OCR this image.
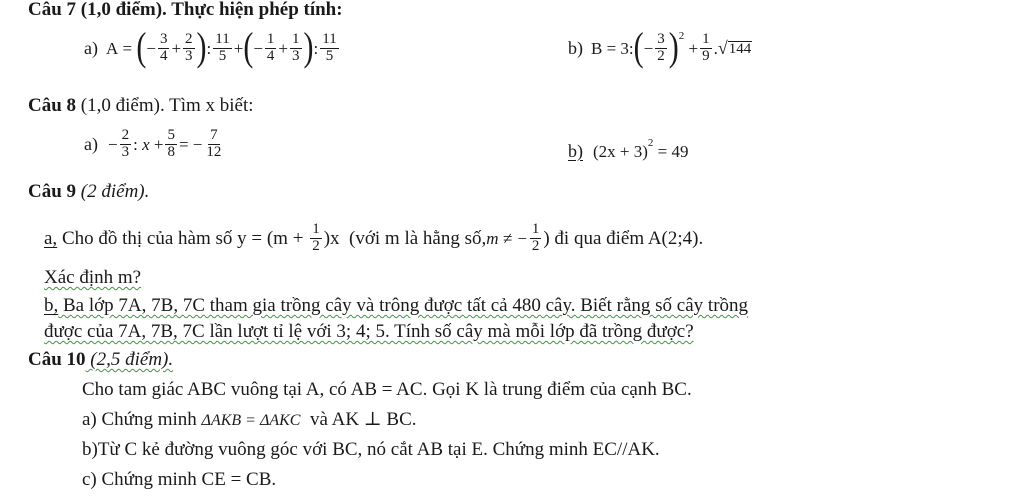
Câu 7 (1,0 điểm). Thực hiện phép tính:
a) A = ( − $\frac{3}{4} + \frac{2}{3}$ ) : $\frac{11}{5}$ + ( − $\frac{1}{4} + \frac{1}{3}$ ) : $\frac{11}{5}$	b) B = 3: ( − $\frac{3}{2} )^2$
+ $\frac{1}{9}$ . √ 144
Câu 8 (1,0 điểm). Tìm x biết:
$a) - \frac{2}{3}$ : $x + \frac{5}{8}$ = − $\frac{7}{12}$	b) $(2x + 3)^2$
= 49
Câu 9 (2 điểm).
a, Cho đồ thị của hàm số $y = (m + \frac{1}{2} )x$  (với m là hằng số, m ≠ − $\frac{1}{2}$ ) đi qua điểm A(2;4).
Xác định m?
b, Ba lớp 7A, 7B, 7C tham gia trồng cây và trông được tất cả 480 cây. Biết rằng số cây trồng
được của 7A, 7B, 7C lần lượt tỉ lệ với 3; 4; 5. Tính số cây mà mỗi lớp đã trồng được?
Câu 10 (2,5 điểm).
Cho tam giác ABC vuông tại A, có AB = AC. Gọi K là trung điểm của cạnh BC.
a) Chứng minh ΔAKB = ΔAKC  và AK ⊥ BC.
b)Từ C kẻ đường vuông góc với BC, nó cắt AB tại E. Chứng minh EC//AK.
c) Chứng minh CE = CB.
